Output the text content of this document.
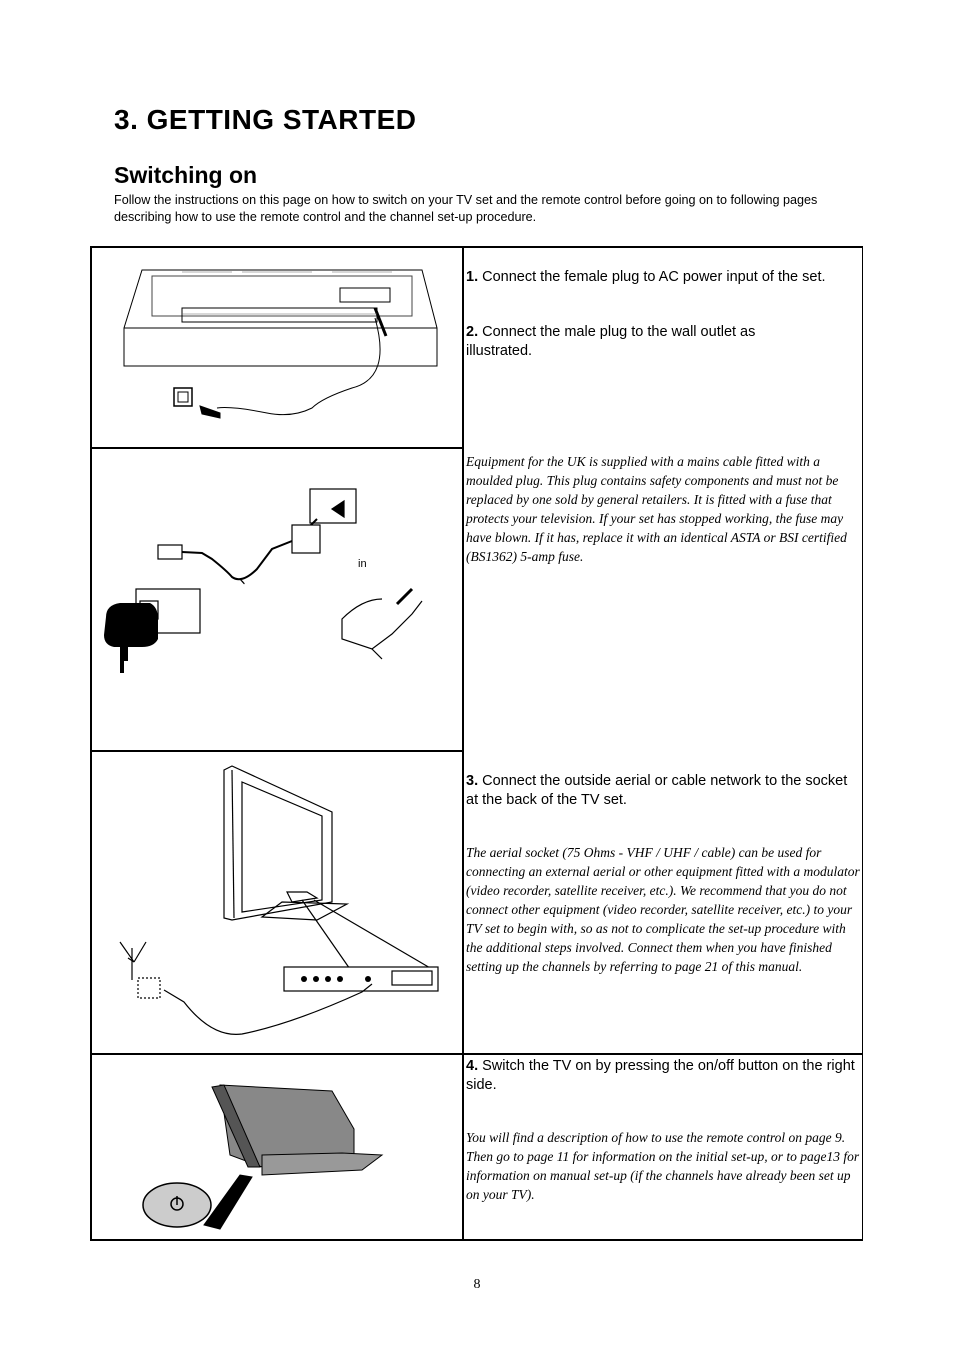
3. GETTING STARTED
Switching on
Follow the instructions on this page on how to switch on your TV set and the remote control before going on to following pages describing how to use the remote control and the channel set-up procedure.
1. Connect the female plug to AC power input of the set.
2. Connect the male plug to the wall outlet as illustrated.
in
Equipment for the UK is supplied with a mains cable fitted with a moulded plug. This plug contains safety components and must not be replaced by one sold by general retailers. It is fitted with a fuse that protects your television. If your set has stopped working, the fuse may have blown. If it has, replace it with an identical ASTA or BSI certified (BS1362) 5-amp fuse.
3. Connect the outside aerial or cable network to the socket at the back of the TV set.
The aerial socket (75 Ohms - VHF / UHF / cable) can be used for connecting an external aerial or other equipment fitted with a modulator (video recorder, satellite receiver, etc.). We recommend that you do not connect other equipment (video recorder, satellite receiver, etc.) to your TV set to begin with, so as not to complicate the set-up procedure with the additional steps involved. Connect them when you have finished setting up the channels by referring to page 21 of this manual.
4. Switch the TV on by pressing the on/off button on the right side.
You will find a description of how to use the remote control on page 9. Then go to page 11 for information on the initial set-up, or to page13 for information on manual set-up (if the channels have already been set up on your TV).
8
